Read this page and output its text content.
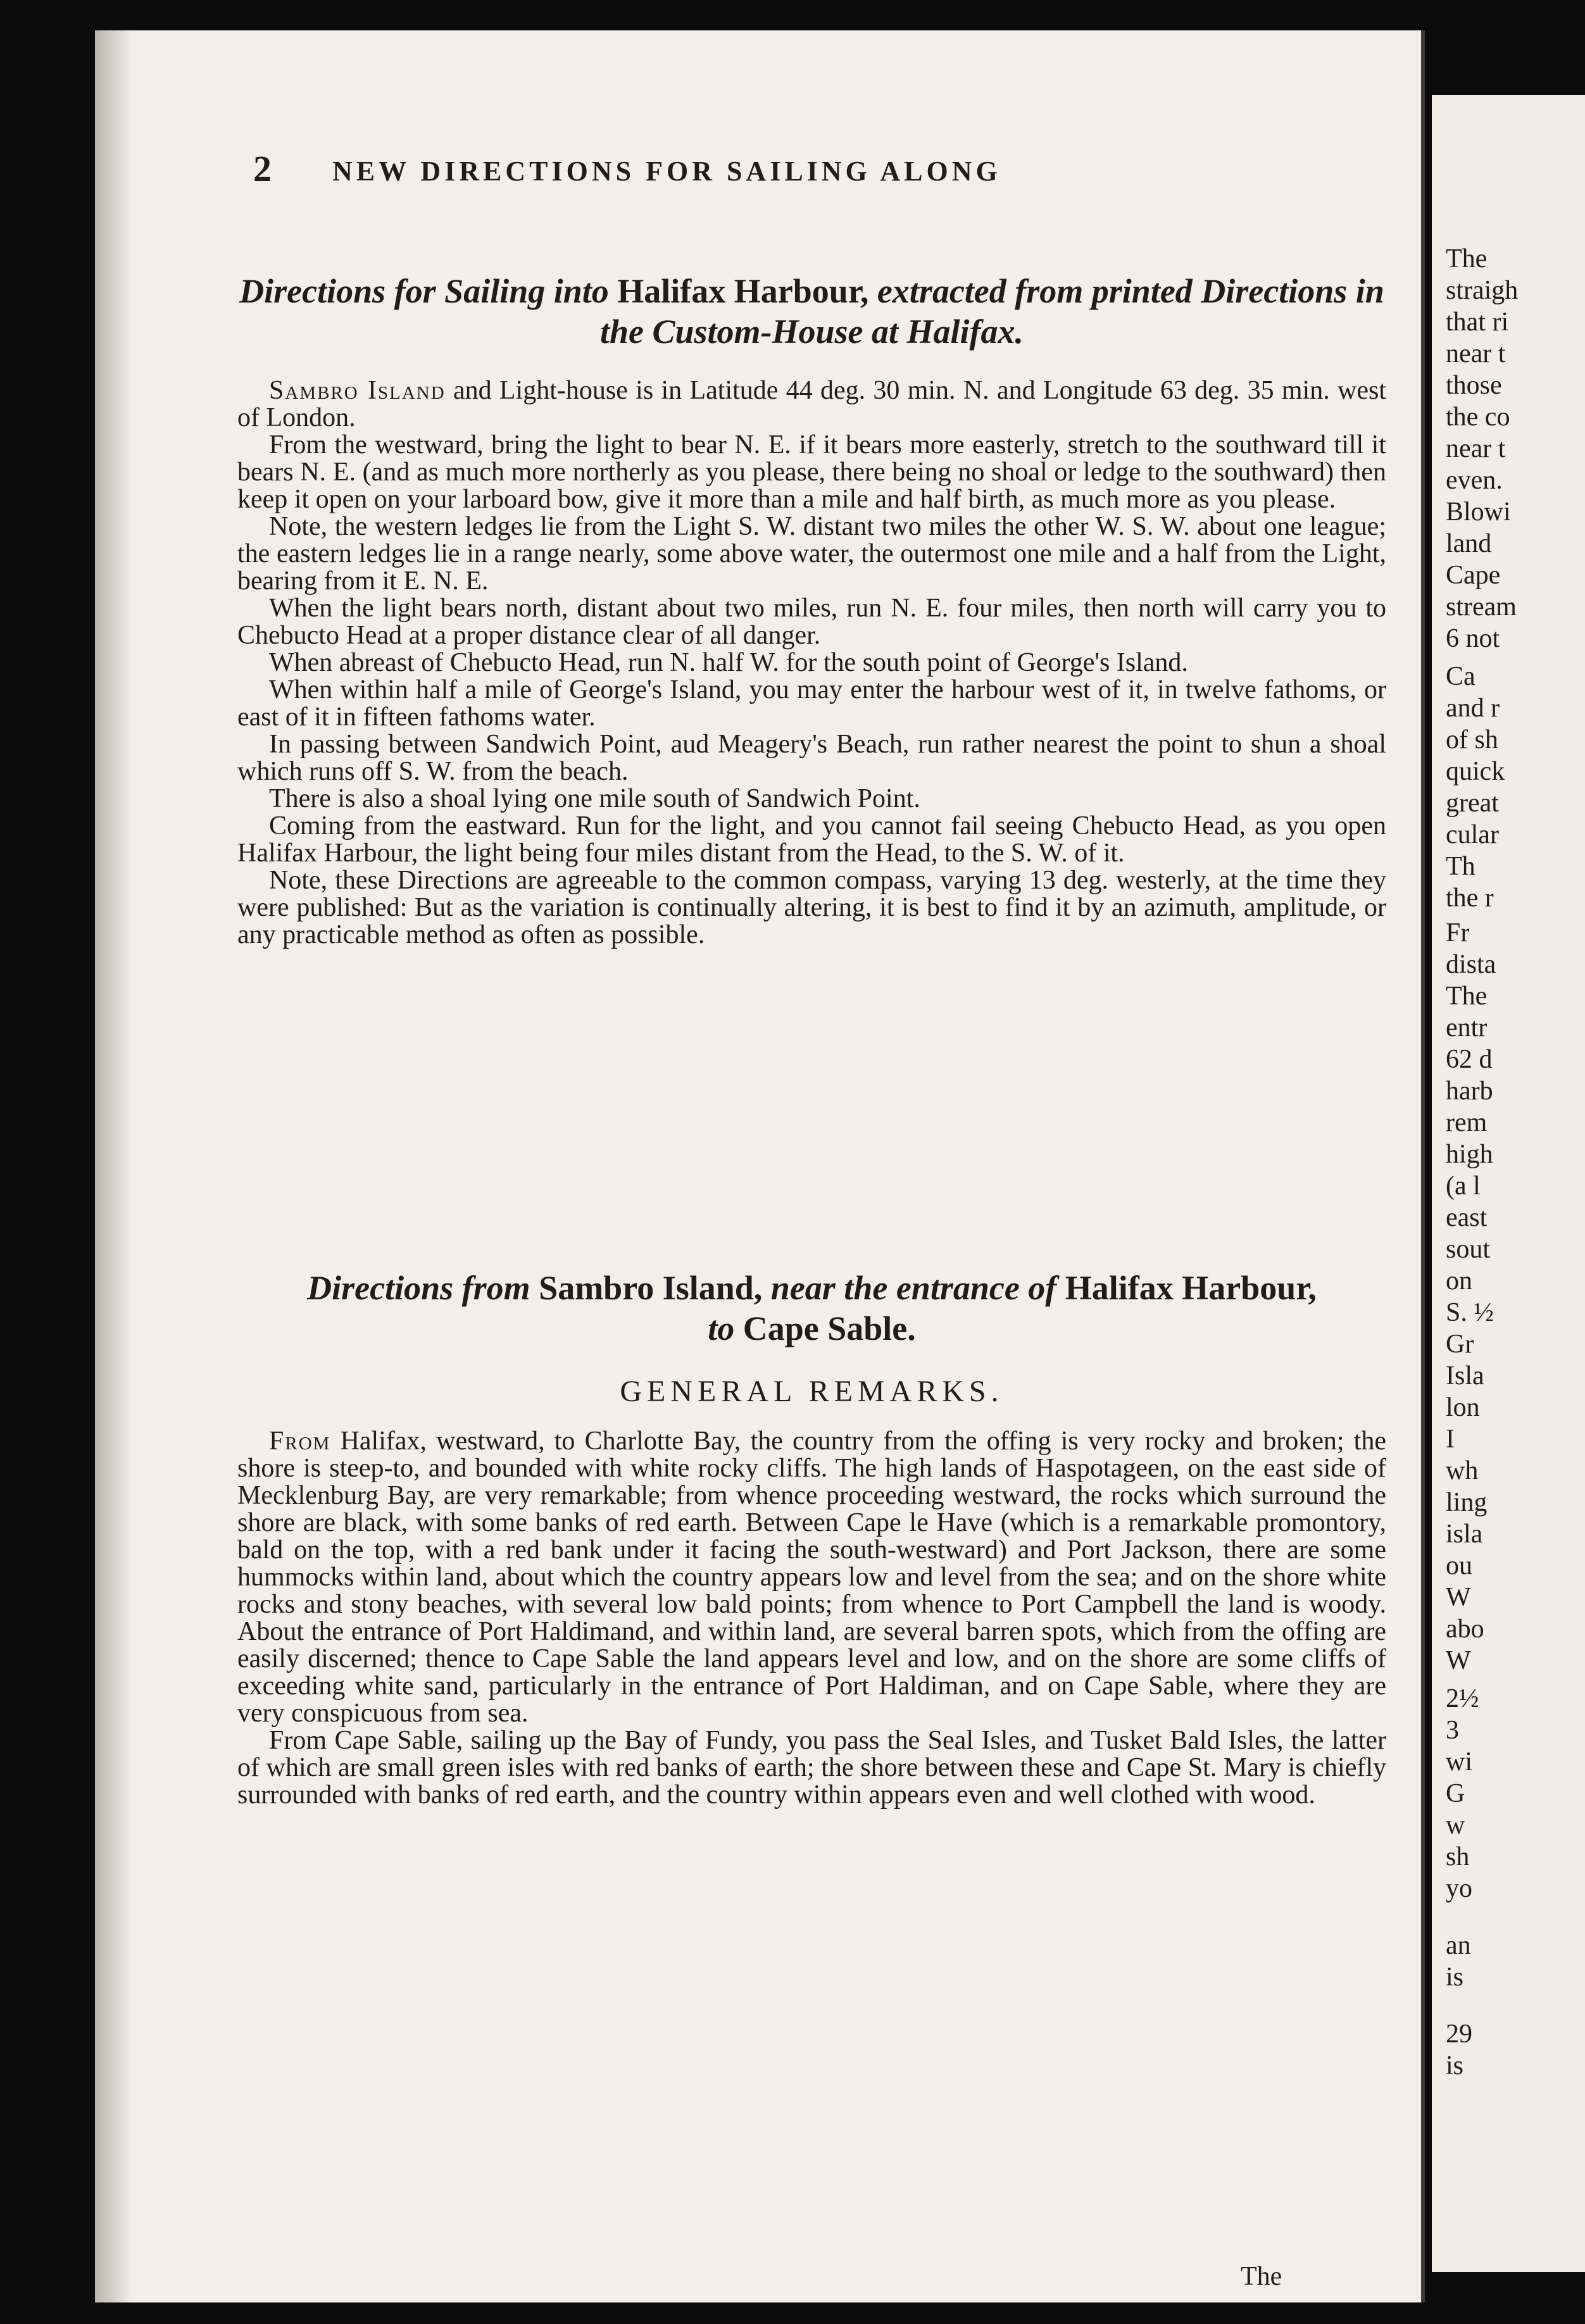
The
straigh
that ri
near t
those
the co
near t
even.
Blowi
land
Cape
stream
6 not
Ca
and r
of sh
quick
great
cular
Th
the r
Fr
dista
The
entr
62 d
harb
rem
high
(a l
east
sout
on
S. ½
Gr
Isla
lon
I
wh
ling
isla
ou
W
abo
W
2½
3
wi
G
w
sh
yo
an
is
29
is
2 NEW DIRECTIONS FOR SAILING ALONG
Directions for Sailing into Halifax Harbour, extracted from printed Directions in the Custom-House at Halifax.

Sambro Island and Light-house is in Latitude 44 deg. 30 min. N. and Longitude 63 deg. 35 min. west of London.

From the westward, bring the light to bear N. E. if it bears more easterly, stretch to the southward till it bears N. E. (and as much more northerly as you please, there being no shoal or ledge to the southward) then keep it open on your larboard bow, give it more than a mile and half birth, as much more as you please.

Note, the western ledges lie from the Light S. W. distant two miles the other W. S. W. about one league; the eastern ledges lie in a range nearly, some above water, the outermost one mile and a half from the Light, bearing from it E. N. E.

When the light bears north, distant about two miles, run N. E. four miles, then north will carry you to Chebucto Head at a proper distance clear of all danger.

When abreast of Chebucto Head, run N. half W. for the south point of George's Island.

When within half a mile of George's Island, you may enter the harbour west of it, in twelve fathoms, or east of it in fifteen fathoms water.

In passing between Sandwich Point, aud Meagery's Beach, run rather nearest the point to shun a shoal which runs off S. W. from the beach.

There is also a shoal lying one mile south of Sandwich Point.

Coming from the eastward. Run for the light, and you cannot fail seeing Chebucto Head, as you open Halifax Harbour, the light being four miles distant from the Head, to the S. W. of it.

Note, these Directions are agreeable to the common compass, varying 13 deg. westerly, at the time they were published: But as the variation is continually altering, it is best to find it by an azimuth, amplitude, or any practicable method as often as possible.

Directions from Sambro Island, near the entrance of Halifax Harbour,
to Cape Sable.
GENERAL REMARKS.

From Halifax, westward, to Charlotte Bay, the country from the offing is very rocky and broken; the shore is steep-to, and bounded with white rocky cliffs. The high lands of Haspotageen, on the east side of Mecklenburg Bay, are very remarkable; from whence proceeding westward, the rocks which surround the shore are black, with some banks of red earth. Between Cape le Have (which is a remarkable promontory, bald on the top, with a red bank under it facing the south-westward) and Port Jackson, there are some hummocks within land, about which the country appears low and level from the sea; and on the shore white rocks and stony beaches, with several low bald points; from whence to Port Campbell the land is woody. About the entrance of Port Haldimand, and within land, are several barren spots, which from the offing are easily discerned; thence to Cape Sable the land appears level and low, and on the shore are some cliffs of exceeding white sand, particularly in the entrance of Port Haldiman, and on Cape Sable, where they are very conspicuous from sea.

From Cape Sable, sailing up the Bay of Fundy, you pass the Seal Isles, and Tusket Bald Isles, the latter of which are small green isles with red banks of earth; the shore between these and Cape St. Mary is chiefly surrounded with banks of red earth, and the country within appears even and well clothed with wood.

The
